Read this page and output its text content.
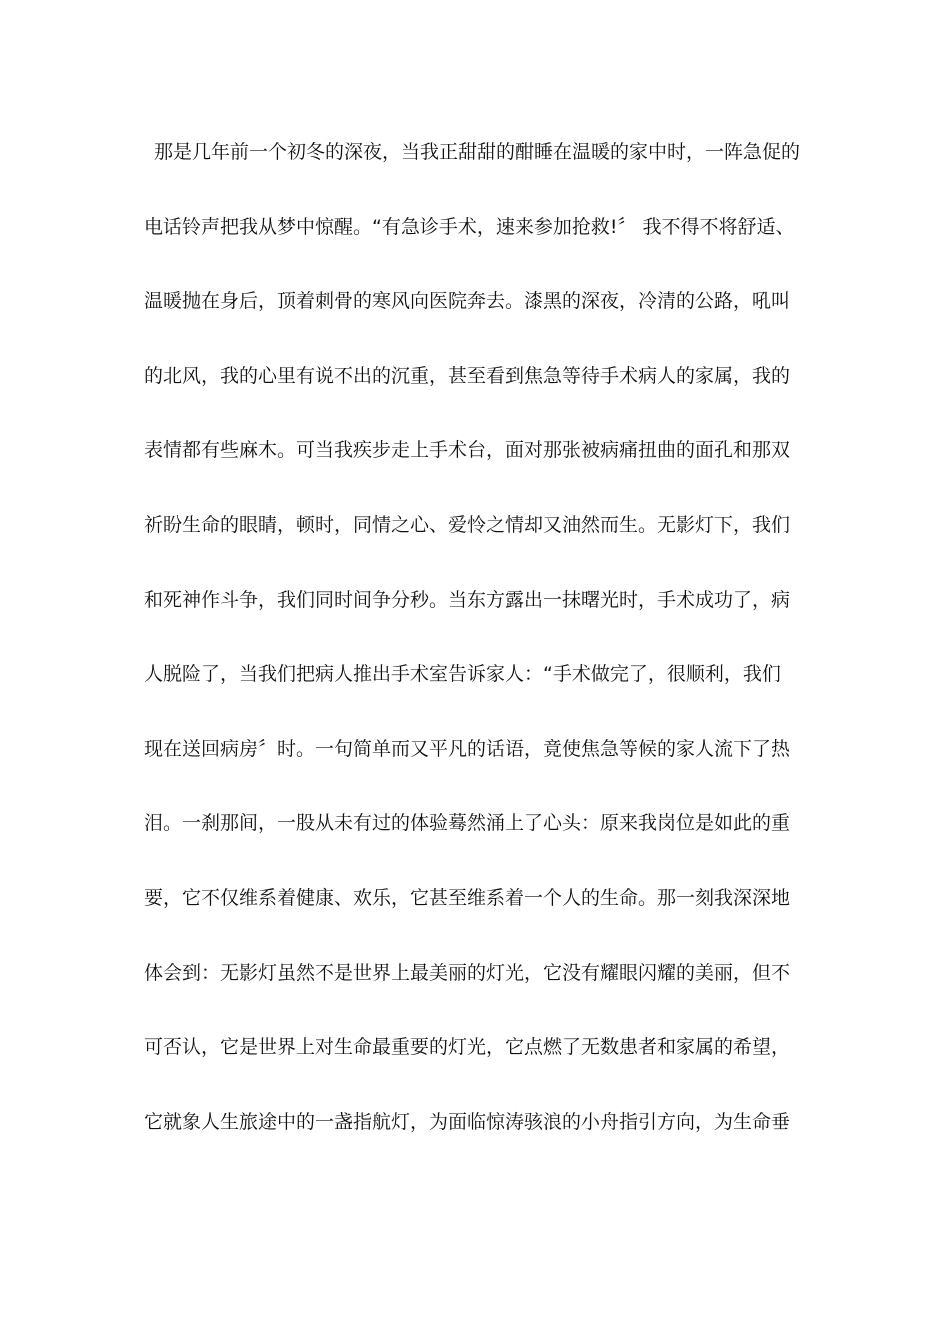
那是几年前一个初冬的深夜，当我正甜甜的酣睡在温暖的家中时，一阵急促的
电话铃声把我从梦中惊醒。“有急诊手术，速来参加抢救!〞 我不得不将舒适、
温暖抛在身后，顶着刺骨的寒风向医院奔去。漆黑的深夜，冷清的公路，吼叫
的北风，我的心里有说不出的沉重，甚至看到焦急等待手术病人的家属，我的
表情都有些麻木。可当我疾步走上手术台，面对那张被病痛扭曲的面孔和那双
祈盼生命的眼睛，顿时，同情之心、爱怜之情却又油然而生。无影灯下，我们
和死神作斗争，我们同时间争分秒。当东方露出一抹曙光时，手术成功了，病
人脱险了，当我们把病人推出手术室告诉家人：“手术做完了，很顺利，我们
现在送回病房〞时。一句简单而又平凡的话语，竟使焦急等候的家人流下了热
泪。一刹那间，一股从未有过的体验蓦然涌上了心头：原来我岗位是如此的重
要，它不仅维系着健康、欢乐，它甚至维系着一个人的生命。那一刻我深深地
体会到：无影灯虽然不是世界上最美丽的灯光，它没有耀眼闪耀的美丽，但不
可否认，它是世界上对生命最重要的灯光，它点燃了无数患者和家属的希望，
它就象人生旅途中的一盏指航灯，为面临惊涛骇浪的小舟指引方向，为生命垂
